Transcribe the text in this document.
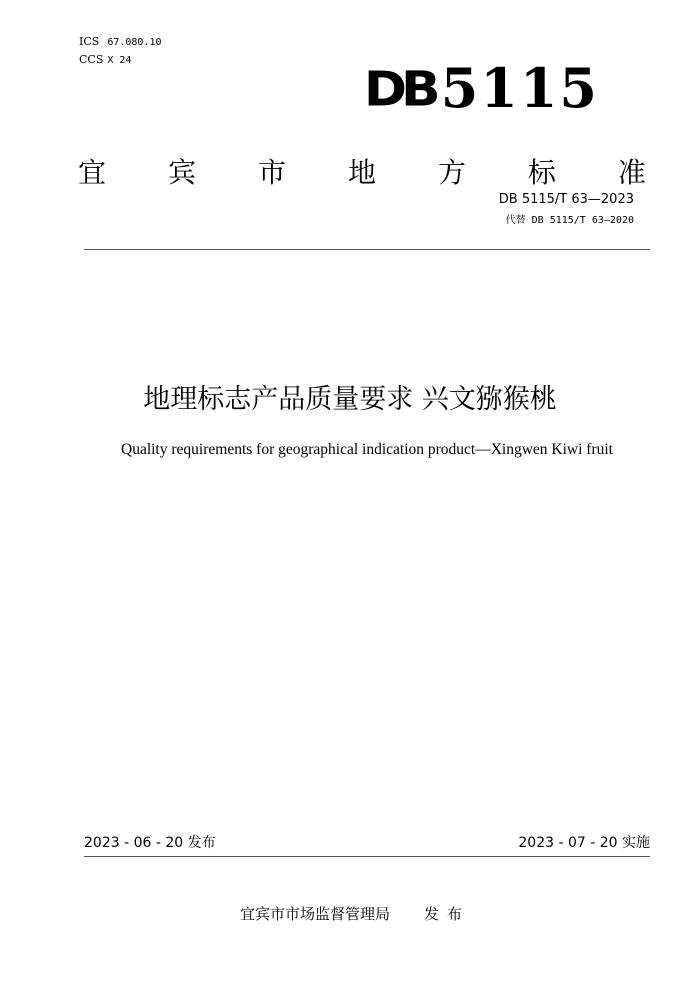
ICS 67.080.10
CCS X 24
DB 5115
宜 宾 市 地 方 标 准
DB 5115/T 63—2023
代替 DB 5115/T 63—2020
地理标志产品质量要求 兴文猕猴桃
Quality requirements for geographical indication product—Xingwen Kiwi fruit
2023 - 06 - 20 发布	2023 - 07 - 20 实施
宜宾市市场监督管理局 发布
